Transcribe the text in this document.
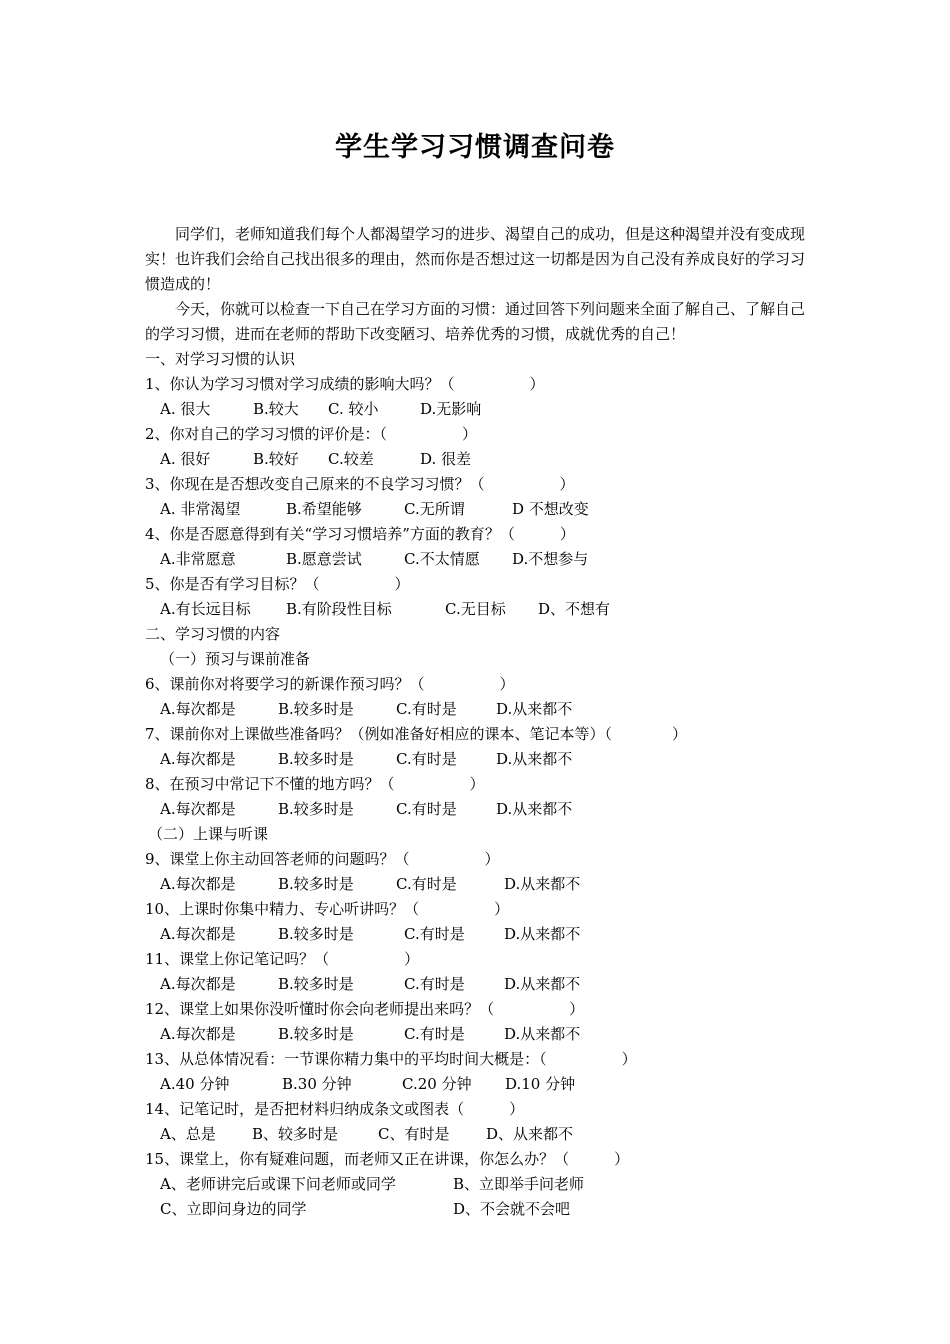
学生学习习惯调查问卷

同学们，老师知道我们每个人都渴望学习的进步、渴望自己的成功，但是这种渴望并没有变成现实！也许我们会给自己找出很多的理由，然而你是否想过这一切都是因为自己没有养成良好的学习习惯造成的！

今天，你就可以检查一下自己在学习方面的习惯：通过回答下列问题来全面了解自己、了解自己的学习习惯，进而在老师的帮助下改变陋习、培养优秀的习惯，成就优秀的自己！

一、对学习习惯的认识
1、你认为学习习惯对学习成绩的影响大吗？（　　　　　）
A. 很大	B.较大 C. 较小	D.无影响
2、你对自己的学习习惯的评价是：（　　　　　）
A. 很好	B.较好 C.较差	D. 很差
3、你现在是否想改变自己原来的不良学习习惯？（　　　　　）
A. 非常渴望	B.希望能够	C.无所谓	D 不想改变
4、你是否愿意得到有关“学习习惯培养”方面的教育？（　　　）
A.非常愿意	B.愿意尝试	C.不太情愿 D.不想参与
5、你是否有学习目标？（　　　　　）
A.有长远目标 B.有阶段性目标	C.无目标 D、不想有
二、学习习惯的内容
（一）预习与课前准备
6、课前你对将要学习的新课作预习吗？（　　　　　）
A.每次都是	B.较多时是	C.有时是	D.从来都不
7、课前你对上课做些准备吗？（例如准备好相应的课本、笔记本等）（　　　　）
A.每次都是	B.较多时是	C.有时是	D.从来都不
8、在预习中常记下不懂的地方吗？（　　　　　）
A.每次都是	B.较多时是	C.有时是	D.从来都不
（二）上课与听课
9、课堂上你主动回答老师的问题吗？（　　　　　）
A.每次都是	B.较多时是	C.有时是	D.从来都不
10、上课时你集中精力、专心听讲吗？（　　　　　）
A.每次都是	B.较多时是	C.有时是	D.从来都不
11、课堂上你记笔记吗？（　　　　　）
A.每次都是	B.较多时是	C.有时是	D.从来都不
12、课堂上如果你没听懂时你会向老师提出来吗？（　　　　　）
A.每次都是	B.较多时是	C.有时是	D.从来都不
13、从总体情况看：一节课你精力集中的平均时间大概是：（　　　　　）
A.40 分钟	B.30 分钟	C.20 分钟 D.10 分钟
14、记笔记时，是否把材料归纳成条文或图表（　　　）
A、总是 B、较多时是	C、有时是 D、从来都不
15、课堂上，你有疑难问题，而老师又正在讲课，你怎么办？（　　　）
A、老师讲完后或课下问老师或同学	B、立即举手问老师
C、立即问身边的同学	D、不会就不会吧
